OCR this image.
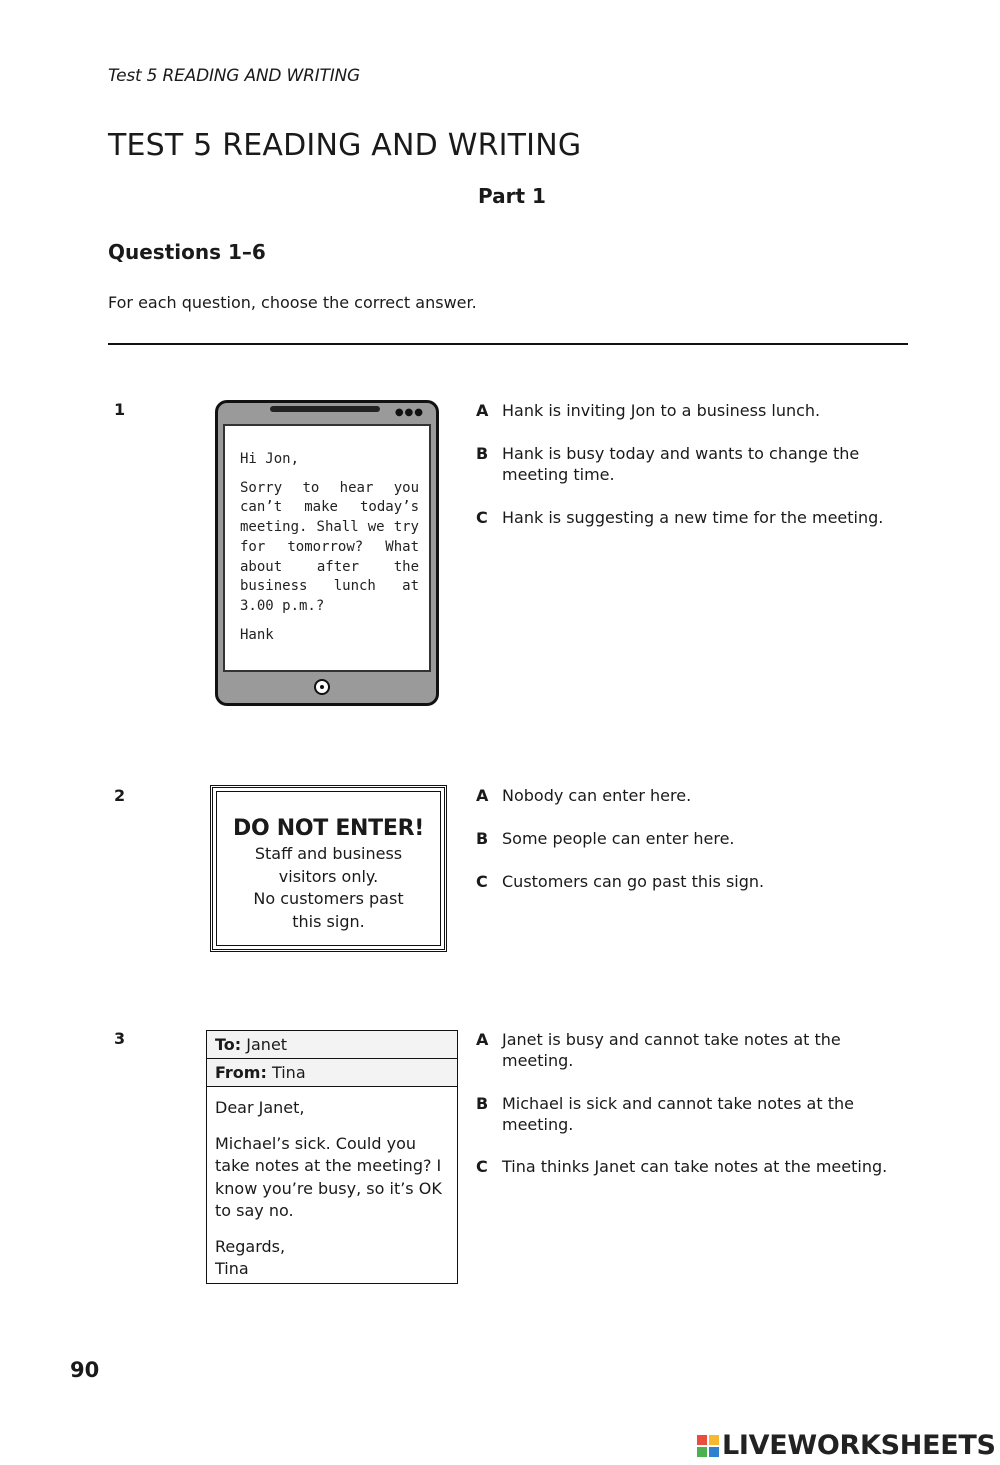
Test 5 READING AND WRITING
TEST 5 READING AND WRITING
Part 1
Questions 1–6
For each question, choose the correct answer.
1	●●●

Hi Jon,

Sorry to hear you can’t make today’s meeting. Shall we try for tomorrow? What about after the business lunch at 3.00 p.m.?

Hank

A Hank is inviting Jon to a business lunch.
B Hank is busy today and wants to change the meeting time.
C Hank is suggesting a new time for the meeting.
2
DO NOT ENTER!
Staff and business
visitors only.
No customers past
this sign.
A Nobody can enter here.
B Some people can enter here.
C Customers can go past this sign.
3	To: Janet
From: Tina

Dear Janet,

Michael’s sick. Could you take notes at the meeting? I know you’re busy, so it’s OK to say no.

Regards,
Tina
A Janet is busy and cannot take notes at the meeting.
B Michael is sick and cannot take notes at the meeting.
C Tina thinks Janet can take notes at the meeting.
90
LIVEWORKSHEETS
